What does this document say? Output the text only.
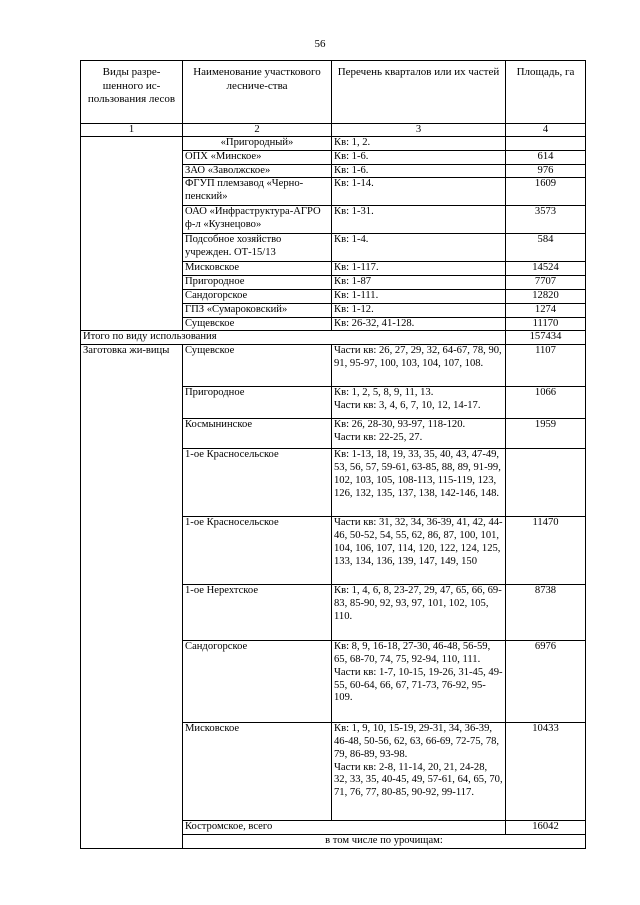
56
Виды разре-шенного ис-пользования лесов	Наименование участкового лесниче-ства	Перечень кварталов или их частей	Площадь, га
1	2	3	4
	«Пригородный»	Кв: 1, 2.	
	ОПХ «Минское»	Кв: 1-6.	614
	ЗАО «Заволжское»	Кв: 1-6.	976
	ФГУП племзавод «Черно-пенский»	Кв: 1-14.	1609
	ОАО «Инфраструктура-АГРО ф-л «Кузнецово»	Кв: 1-31.	3573
	Подсобное хозяйство учрежден. ОТ-15/13	Кв: 1-4.	584
	Мисковское	Кв: 1-117.	14524
	Пригородное	Кв: 1-87	7707
	Сандогорское	Кв: 1-111.	12820
	ГПЗ «Сумароковский»	Кв: 1-12.	1274
	Сущевское	Кв: 26-32, 41-128.	11170
Итого по виду использования			157434
Заготовка жи-вицы	Сущевское	Части кв: 26, 27, 29, 32, 64-67, 78, 90, 91, 95-97, 100, 103, 104, 107, 108.	1107
	Пригородное	Кв: 1, 2, 5, 8, 9, 11, 13.
Части кв: 3, 4, 6, 7, 10, 12, 14-17.	1066
	Космынинское	Кв: 26, 28-30, 93-97, 118-120.
Части кв: 22-25, 27.	1959
	1-ое Красносельское	Кв: 1-13, 18, 19, 33, 35, 40, 43, 47-49, 53, 56, 57, 59-61, 63-85, 88, 89, 91-99, 102, 103, 105, 108-113, 115-119, 123, 126, 132, 135, 137, 138, 142-146, 148.	
	1-ое Красносельское	Части кв: 31, 32, 34, 36-39, 41, 42, 44-46, 50-52, 54, 55, 62, 86, 87, 100, 101, 104, 106, 107, 114, 120, 122, 124, 125, 133, 134, 136, 139, 147, 149, 150	11470
	1-ое Нерехтское	Кв: 1, 4, 6, 8, 23-27, 29, 47, 65, 66, 69-83, 85-90, 92, 93, 97, 101, 102, 105, 110.	8738
	Сандогорское	Кв: 8, 9, 16-18, 27-30, 46-48, 56-59, 65, 68-70, 74, 75, 92-94, 110, 111.
Части кв: 1-7, 10-15, 19-26, 31-45, 49-55, 60-64, 66, 67, 71-73, 76-92, 95-109.	6976
	Мисковское	Кв: 1, 9, 10, 15-19, 29-31, 34, 36-39, 46-48, 50-56, 62, 63, 66-69, 72-75, 78, 79, 86-89, 93-98.
Части кв: 2-8, 11-14, 20, 21, 24-28, 32, 33, 35, 40-45, 49, 57-61, 64, 65, 70, 71, 76, 77, 80-85, 90-92, 99-117.	10433
	Костромское, всего		16042
	в том числе по урочищам:		
